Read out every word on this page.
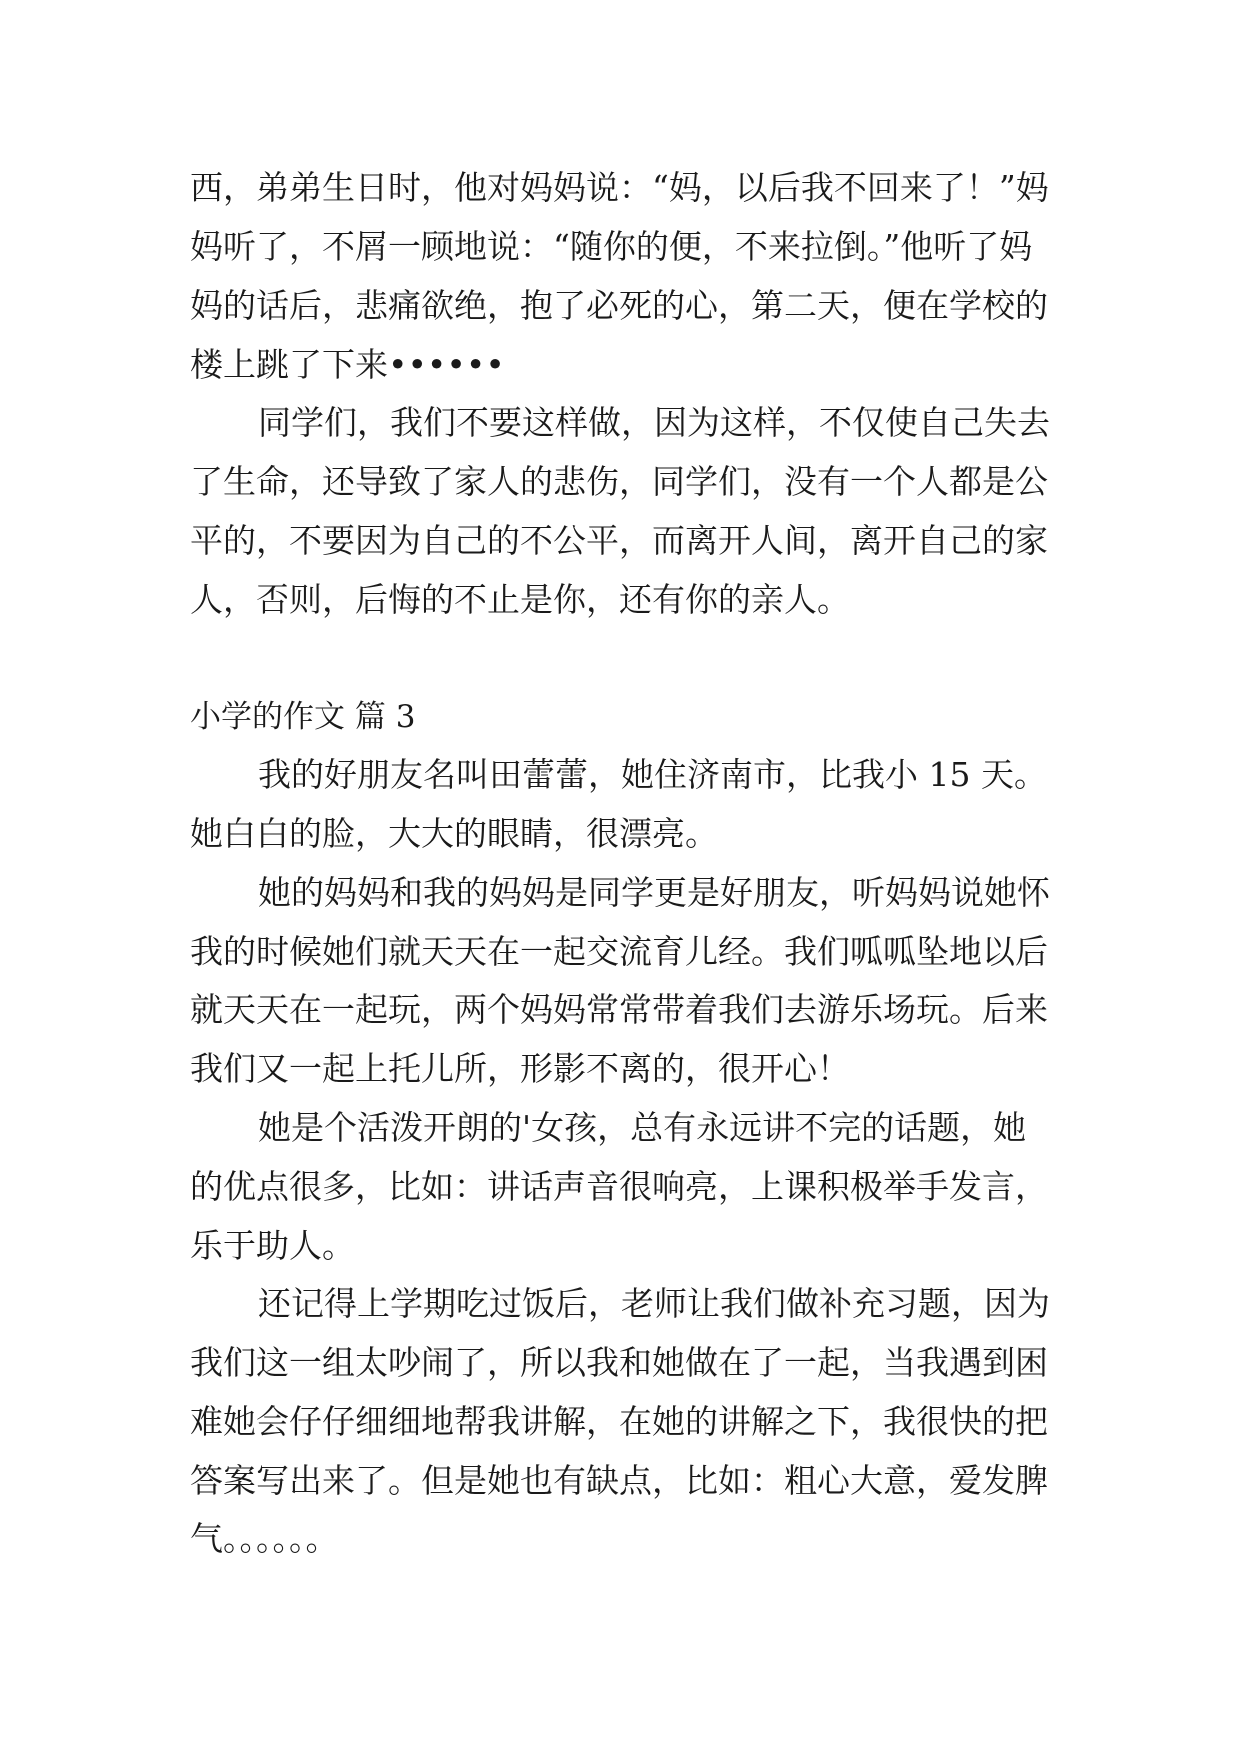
西，弟弟生日时，他对妈妈说：“妈，以后我不回来了！”妈
妈听了，不屑一顾地说：“随你的便，不来拉倒。”他听了妈
妈的话后，悲痛欲绝，抱了必死的心，第二天，便在学校的
楼上跳了下来••••••
同学们，我们不要这样做，因为这样，不仅使自己失去
了生命，还导致了家人的悲伤，同学们，没有一个人都是公
平的，不要因为自己的不公平，而离开人间，离开自己的家
人，否则，后悔的不止是你，还有你的亲人。
小学的作文 篇 3
我的好朋友名叫田蕾蕾，她住济南市，比我小 15 天。
她白白的脸，大大的眼睛，很漂亮。
她的妈妈和我的妈妈是同学更是好朋友，听妈妈说她怀
我的时候她们就天天在一起交流育儿经。我们呱呱坠地以后
就天天在一起玩，两个妈妈常常带着我们去游乐场玩。后来
我们又一起上托儿所，形影不离的，很开心！
她是个活泼开朗的'女孩，总有永远讲不完的话题，她
的优点很多，比如：讲话声音很响亮，上课积极举手发言，
乐于助人。
还记得上学期吃过饭后，老师让我们做补充习题，因为
我们这一组太吵闹了，所以我和她做在了一起，当我遇到困
难她会仔仔细细地帮我讲解，在她的讲解之下，我很快的把
答案写出来了。但是她也有缺点，比如：粗心大意，爱发脾
气。。。。。。
